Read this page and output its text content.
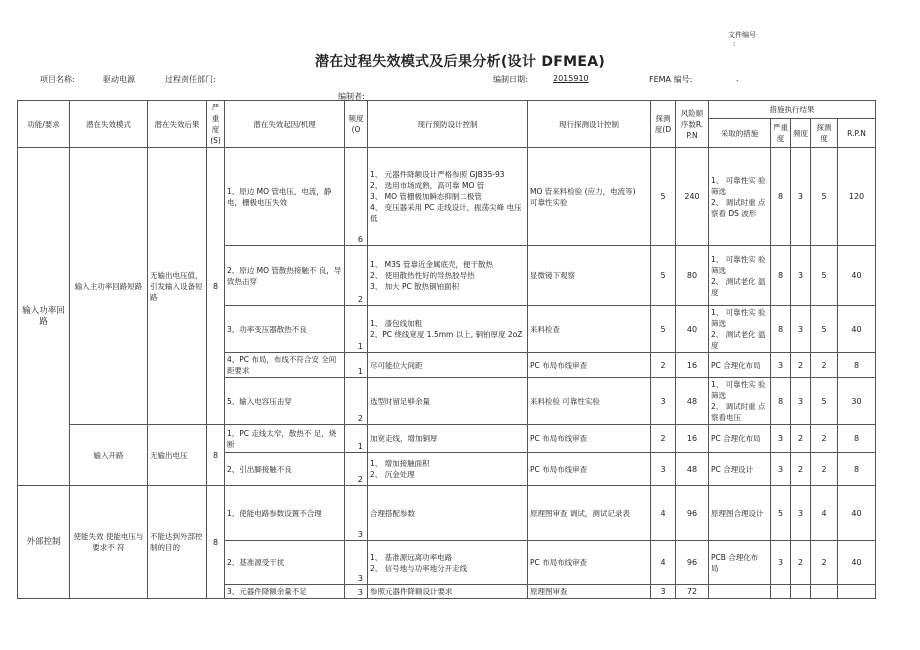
文件编号
:
潜在过程失效模式及后果分析(设计 DFMEA)
项目名称:	驱动电源	过程责任部门:	编制日期:	2015910	FEMA 编号:	.
编制者:
功能/要求	潜在失效模式	潜在失效后果	严重度(S)	潜在失效起因/机理	频度(O	现行预防设计控制	现行探测设计控制	探测度(D	风险顺序数R.P.N	措施执行结果				
										采取的措施	严重度	频度	探测度	R.P.N
输入功率回路	输入主功率回路短路	无输出电压值，引发输入设备短路	8	1、原边 MO 管电压，电流，静电，栅极电压失效	6	1、 元器件降额设计严格参照 GJB35-93
2、 选用市场成熟，高可靠 MO 管
3、 MO 管栅极加瞬态抑制二极管
4、 变压器采用 PC 走线设计，振荡尖峰 电压低	MO 管来料检验 (应力，电流等)
可靠性实验	5	240	1、 可靠性实 验筛选
2、 调试时重 点察看 DS 波形	8	3	5	120
				2、原边 MO 管散热接触不 良，导致热击穿	2	1、 M3S 管靠近金属底壳，便于散热
2、 使用散热性好的导热胶导热
3、 加大 PC 散热铜铂面积	显微镜下观察	5	80	1、 可靠性实 验筛选
2、 测试老化 温度	8	3	5	40
				3、功率变压器散热不良	1	1、 漆包线加粗
2、PC 绕线宽度 1.5mm 以上, 铜铂厚度 2oZ	来料检查	5	40	1、 可靠性实 验筛选
2、 测试老化 温度	8	3	5	40
				4、PC 布局，布线不符合安 全间距要求	1	尽可能拉大间距	PC 布局布线审查	2	16	PC 合理化布局	3	2	2	8
				5、输入电容压击穿	2	选型时留足够余量	来料检验 可靠性实验	3	48	1、 可靠性实 验筛选
2、 调试时重 点察看电压	8	3	5	30
	输入开路	无输出电压	8	1、PC 走线太窄，散热不 足，烧断	1	加宽走线，增加铜厚	PC 布局布线审查	2	16	PC 合理化布局	3	2	2	8
				2、引出脚接触不良	2	1、 增加接触面积
2、 沉金处理	PC 布局布线审查	3	48	PC 合理设计	3	2	2	8
外部控制	使能失效 使能电压与要求不 符	不能达到外部控制的目的	8	1、使能电路参数设置不合理	3	合理搭配参数	原理图审查 调试，测试记录表	4	96	原理图合理设计	5	3	4	40
				2、基准源受干扰	3	1、 基准源远离功率电路
2、 信号地与功率地分开走线	PC 布局布线审查	4	96	PCB 合理化布 局	3	2	2	40
				3、元器件降额余量不足	3	参照元器件降额设计要求	原理图审查	3	72					
